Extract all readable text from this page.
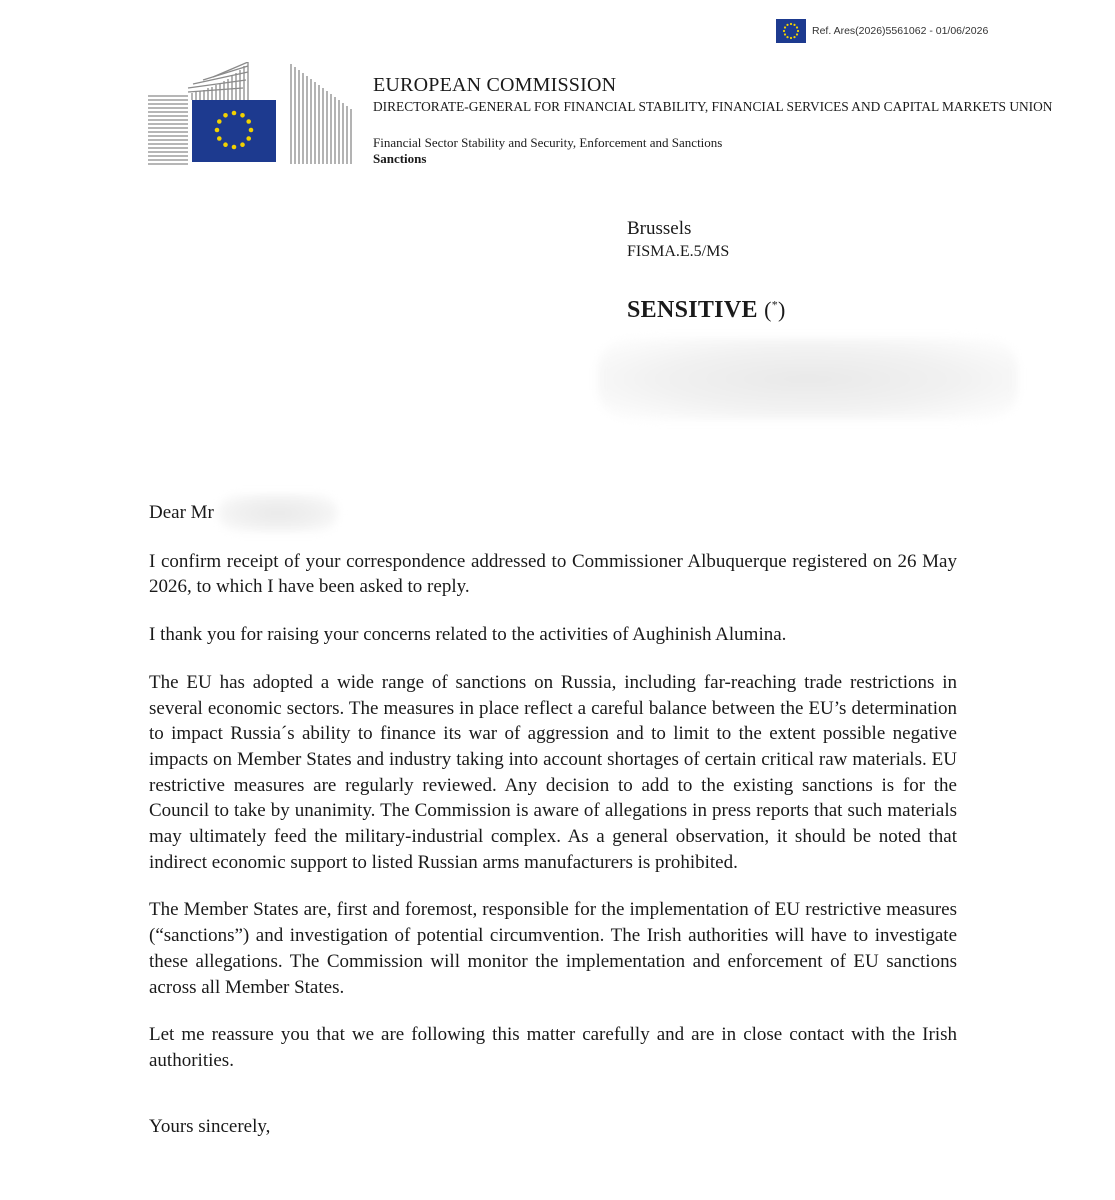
Ref. Ares(2026)5561062 - 01/06/2026
EUROPEAN COMMISSION
DIRECTORATE-GENERAL FOR FINANCIAL STABILITY, FINANCIAL SERVICES AND CAPITAL MARKETS UNION
Financial Sector Stability and Security, Enforcement and Sanctions
Sanctions
Brussels
FISMA.E.5/MS
SENSITIVE (*)

Dear Mr

I confirm receipt of your correspondence addressed to Commissioner Albuquerque registered on 26 May 2026, to which I have been asked to reply.

I thank you for raising your concerns related to the activities of Aughinish Alumina.

The EU has adopted a wide range of sanctions on Russia, including far-reaching trade restrictions in several economic sectors. The measures in place reflect a careful balance between the EU’s determination to impact Russia´s ability to finance its war of aggression and to limit to the extent possible negative impacts on Member States and industry taking into account shortages of certain critical raw materials. EU restrictive measures are regularly reviewed. Any decision to add to the existing sanctions is for the Council to take by unanimity. The Commission is aware of allegations in press reports that such materials may ultimately feed the military-industrial complex. As a general observation, it should be noted that indirect economic support to listed Russian arms manufacturers is prohibited.

The Member States are, first and foremost, responsible for the implementation of EU restrictive measures (“sanctions”) and investigation of potential circumvention. The Irish authorities will have to investigate these allegations. The Commission will monitor the implementation and enforcement of EU sanctions across all Member States.

Let me reassure you that we are following this matter carefully and are in close contact with the Irish authorities.

Yours sincerely,
